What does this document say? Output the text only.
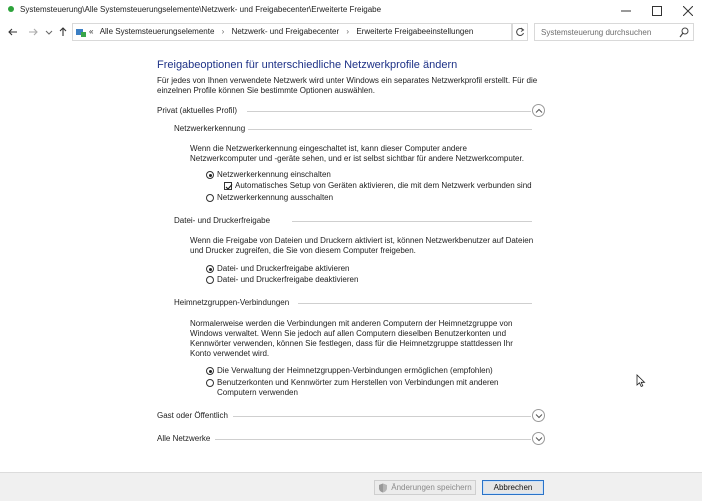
Systemsteuerung\Alle Systemsteuerungselemente\Netzwerk- und Freigabecenter\Erweiterte Freigabe
« Alle Systemsteuerungselemente › Netzwerk- und Freigabecenter › Erweiterte Freigabeeinstellungen	Systemsteuerung durchsuchen
Freigabeoptionen für unterschiedliche Netzwerkprofile ändern
Für jedes von Ihnen verwendete Netzwerk wird unter Windows ein separates Netzwerkprofil erstellt. Für die einzelnen Profile können Sie bestimmte Optionen auswählen.
Privat (aktuelles Profil)
Netzwerkerkennung
Wenn die Netzwerkerkennung eingeschaltet ist, kann dieser Computer andere Netzwerkcomputer und -geräte sehen, und er ist selbst sichtbar für andere Netzwerkcomputer.
Netzwerkerkennung einschalten
Automatisches Setup von Geräten aktivieren, die mit dem Netzwerk verbunden sind
Netzwerkerkennung ausschalten
Datei- und Druckerfreigabe
Wenn die Freigabe von Dateien und Druckern aktiviert ist, können Netzwerkbenutzer auf Dateien und Drucker zugreifen, die Sie von diesem Computer freigeben.
Datei- und Druckerfreigabe aktivieren
Datei- und Druckerfreigabe deaktivieren
Heimnetzgruppen-Verbindungen
Normalerweise werden die Verbindungen mit anderen Computern der Heimnetzgruppe von Windows verwaltet. Wenn Sie jedoch auf allen Computern dieselben Benutzerkonten und Kennwörter verwenden, können Sie festlegen, dass für die Heimnetzgruppe stattdessen Ihr Konto verwendet wird.
Die Verwaltung der Heimnetzgruppen-Verbindungen ermöglichen (empfohlen)
Benutzerkonten und Kennwörter zum Herstellen von Verbindungen mit anderen Computern verwenden
Gast oder Öffentlich
Alle Netzwerke
Änderungen speichern	Abbrechen
